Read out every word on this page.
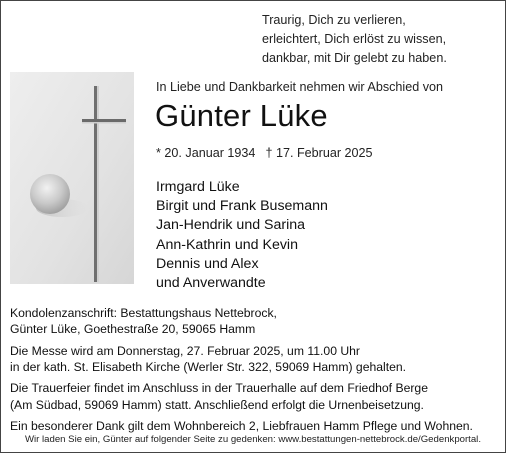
Traurig, Dich zu verlieren,
erleichtert, Dich erlöst zu wissen,
dankbar, mit Dir gelebt zu haben.
In Liebe und Dankbarkeit nehmen wir Abschied von
Günter Lüke
* 20. Januar 1934 † 17. Februar 2025
Irmgard Lüke
Birgit und Frank Busemann
Jan-Hendrik und Sarina
Ann-Kathrin und Kevin
Dennis und Alex
und Anverwandte
Kondolenzanschrift: Bestattungshaus Nettebrock,
Günter Lüke, Goethestraße 20, 59065 Hamm
Die Messe wird am Donnerstag, 27. Februar 2025, um 11.00 Uhr
in der kath. St. Elisabeth Kirche (Werler Str. 322, 59069 Hamm) gehalten.
Die Trauerfeier findet im Anschluss in der Trauerhalle auf dem Friedhof Berge
(Am Südbad, 59069 Hamm) statt. Anschließend erfolgt die Urnenbeisetzung.
Ein besonderer Dank gilt dem Wohnbereich 2, Liebfrauen Hamm Pflege und Wohnen.
Wir laden Sie ein, Günter auf folgender Seite zu gedenken: www.bestattungen-nettebrock.de/Gedenkportal.
